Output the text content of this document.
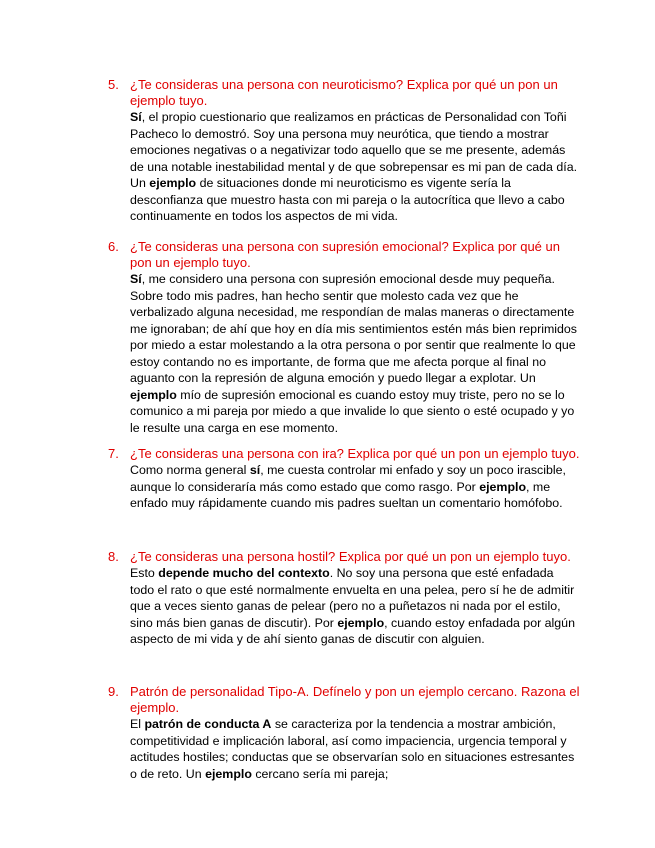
5. ¿Te consideras una persona con neuroticismo? Explica por qué un pon un ejemplo tuyo.
Sí, el propio cuestionario que realizamos en prácticas de Personalidad con Toñi Pacheco lo demostró. Soy una persona muy neurótica, que tiendo a mostrar emociones negativas o a negativizar todo aquello que se me presente, además de una notable inestabilidad mental y de que sobrepensar es mi pan de cada día. Un ejemplo de situaciones donde mi neuroticismo es vigente sería la desconfianza que muestro hasta con mi pareja o la autocrítica que llevo a cabo continuamente en todos los aspectos de mi vida.
6. ¿Te consideras una persona con supresión emocional? Explica por qué un pon un ejemplo tuyo.
Sí, me considero una persona con supresión emocional desde muy pequeña. Sobre todo mis padres, han hecho sentir que molesto cada vez que he verbalizado alguna necesidad, me respondían de malas maneras o directamente me ignoraban; de ahí que hoy en día mis sentimientos estén más bien reprimidos por miedo a estar molestando a la otra persona o por sentir que realmente lo que estoy contando no es importante, de forma que me afecta porque al final no aguanto con la represión de alguna emoción y puedo llegar a explotar. Un ejemplo mío de supresión emocional es cuando estoy muy triste, pero no se lo comunico a mi pareja por miedo a que invalide lo que siento o esté ocupado y yo le resulte una carga en ese momento.
7. ¿Te consideras una persona con ira? Explica por qué un pon un ejemplo tuyo.
Como norma general sí, me cuesta controlar mi enfado y soy un poco irascible, aunque lo consideraría más como estado que como rasgo. Por ejemplo, me enfado muy rápidamente cuando mis padres sueltan un comentario homófobo.
8. ¿Te consideras una persona hostil? Explica por qué un pon un ejemplo tuyo.
Esto depende mucho del contexto. No soy una persona que esté enfadada todo el rato o que esté normalmente envuelta en una pelea, pero sí he de admitir que a veces siento ganas de pelear (pero no a puñetazos ni nada por el estilo, sino más bien ganas de discutir). Por ejemplo, cuando estoy enfadada por algún aspecto de mi vida y de ahí siento ganas de discutir con alguien.
9. Patrón de personalidad Tipo-A. Defínelo y pon un ejemplo cercano. Razona el ejemplo.
El patrón de conducta A se caracteriza por la tendencia a mostrar ambición, competitividad e implicación laboral, así como impaciencia, urgencia temporal y actitudes hostiles; conductas que se observarían solo en situaciones estresantes o de reto. Un ejemplo cercano sería mi pareja;
